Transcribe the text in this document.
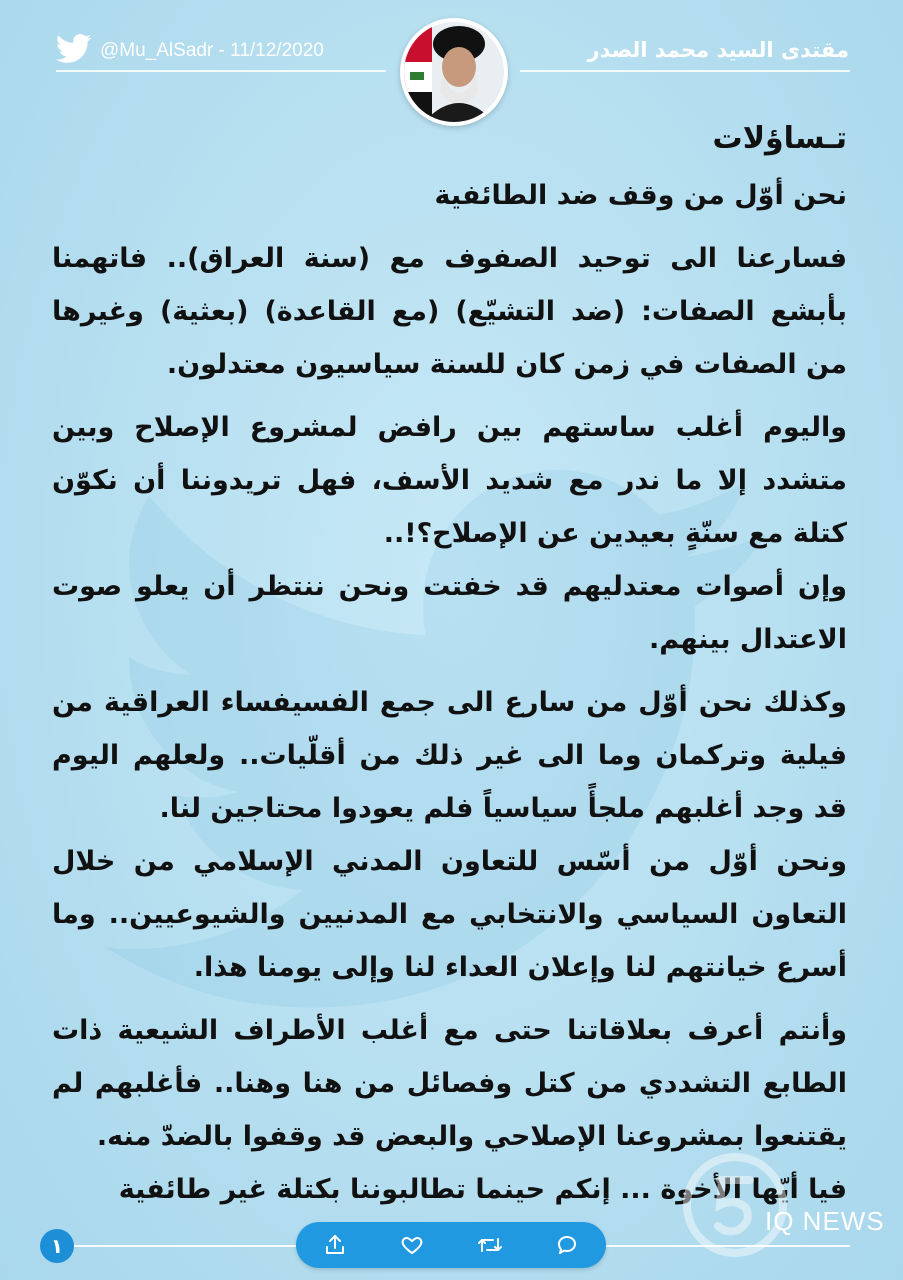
@Mu_AlSadr - 11/12/2020	مقتدى السيد محمد الصدر
تـساؤلات

نحن أوّل من وقف ضد الطائفية

فسارعنا الى توحيد الصفوف مع (سنة العراق).. فاتهمنا بأبشع الصفات: (ضد التشيّع) (مع القاعدة) (بعثية) وغيرها من الصفات في زمن كان للسنة سياسيون معتدلون.

واليوم أغلب ساستهم بين رافض لمشروع الإصلاح وبين متشدد إلا ما ندر مع شديد الأسف، فهل تريدوننا أن نكوّن كتلة مع سنّةٍ بعيدين عن الإصلاح؟!..

وإن أصوات معتدليهم قد خفتت ونحن ننتظر أن يعلو صوت الاعتدال بينهم.

وكذلك نحن أوّل من سارع الى جمع الفسيفساء العراقية من فيلية وتركمان وما الى غير ذلك من أقلّيات.. ولعلهم اليوم قد وجد أغلبهم ملجأً سياسياً فلم يعودوا محتاجين لنا.

ونحن أوّل من أسّس للتعاون المدني الإسلامي من خلال التعاون السياسي والانتخابي مع المدنيين والشيوعيين.. وما أسرع خيانتهم لنا وإعلان العداء لنا وإلى يومنا هذا.

وأنتم أعرف بعلاقاتنا حتى مع أغلب الأطراف الشيعية ذات الطابع التشددي من كتل وفصائل من هنا وهنا.. فأغلبهم لم يقتنعوا بمشروعنا الإصلاحي والبعض قد وقفوا بالضدّ منه.

فيا أيّها الأخوة ... إنكم حينما تطالبوننا بكتلة غير طائفية

IQ NEWS
١
